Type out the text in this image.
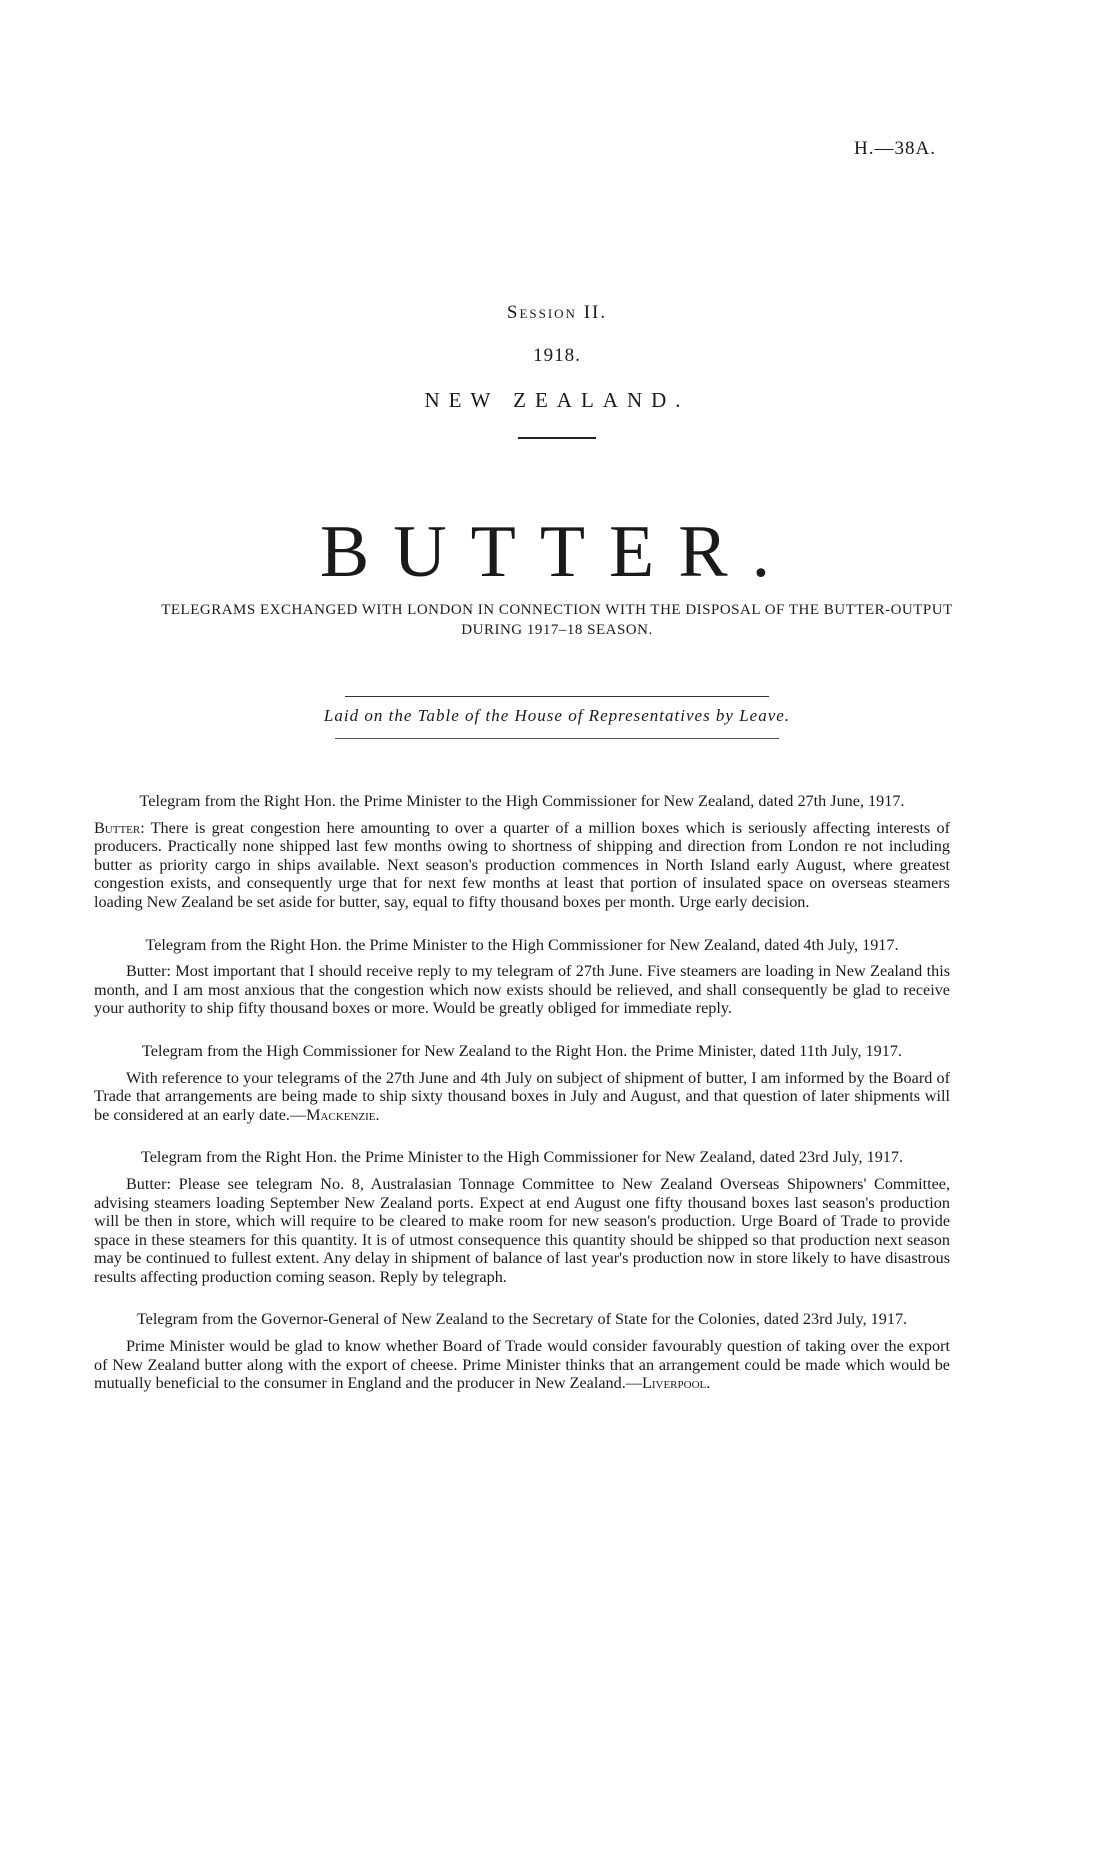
H.—38A.
Session II.
1918.
NEW ZEALAND.
BUTTER.
TELEGRAMS EXCHANGED WITH LONDON IN CONNECTION WITH THE DISPOSAL OF THE BUTTER-OUTPUT DURING 1917–18 SEASON.
Laid on the Table of the House of Representatives by Leave.

Telegram from the Right Hon. the Prime Minister to the High Commissioner for New Zealand, dated 27th June, 1917.

Butter: There is great congestion here amounting to over a quarter of a million boxes which is seriously affecting interests of producers. Practically none shipped last few months owing to shortness of shipping and direction from London re not including butter as priority cargo in ships available. Next season's production commences in North Island early August, where greatest congestion exists, and consequently urge that for next few months at least that portion of insulated space on overseas steamers loading New Zealand be set aside for butter, say, equal to fifty thousand boxes per month. Urge early decision.

Telegram from the Right Hon. the Prime Minister to the High Commissioner for New Zealand, dated 4th July, 1917.

Butter: Most important that I should receive reply to my telegram of 27th June. Five steamers are loading in New Zealand this month, and I am most anxious that the congestion which now exists should be relieved, and shall consequently be glad to receive your authority to ship fifty thousand boxes or more. Would be greatly obliged for immediate reply.

Telegram from the High Commissioner for New Zealand to the Right Hon. the Prime Minister, dated 11th July, 1917.

With reference to your telegrams of the 27th June and 4th July on subject of shipment of butter, I am informed by the Board of Trade that arrangements are being made to ship sixty thousand boxes in July and August, and that question of later shipments will be considered at an early date.—Mackenzie.

Telegram from the Right Hon. the Prime Minister to the High Commissioner for New Zealand, dated 23rd July, 1917.

Butter: Please see telegram No. 8, Australasian Tonnage Committee to New Zealand Overseas Shipowners' Committee, advising steamers loading September New Zealand ports. Expect at end August one fifty thousand boxes last season's production will be then in store, which will require to be cleared to make room for new season's production. Urge Board of Trade to provide space in these steamers for this quantity. It is of utmost consequence this quantity should be shipped so that production next season may be continued to fullest extent. Any delay in shipment of balance of last year's production now in store likely to have disastrous results affecting production coming season. Reply by telegraph.

Telegram from the Governor-General of New Zealand to the Secretary of State for the Colonies, dated 23rd July, 1917.

Prime Minister would be glad to know whether Board of Trade would consider favourably question of taking over the export of New Zealand butter along with the export of cheese. Prime Minister thinks that an arrangement could be made which would be mutually beneficial to the consumer in England and the producer in New Zealand.—Liverpool.
